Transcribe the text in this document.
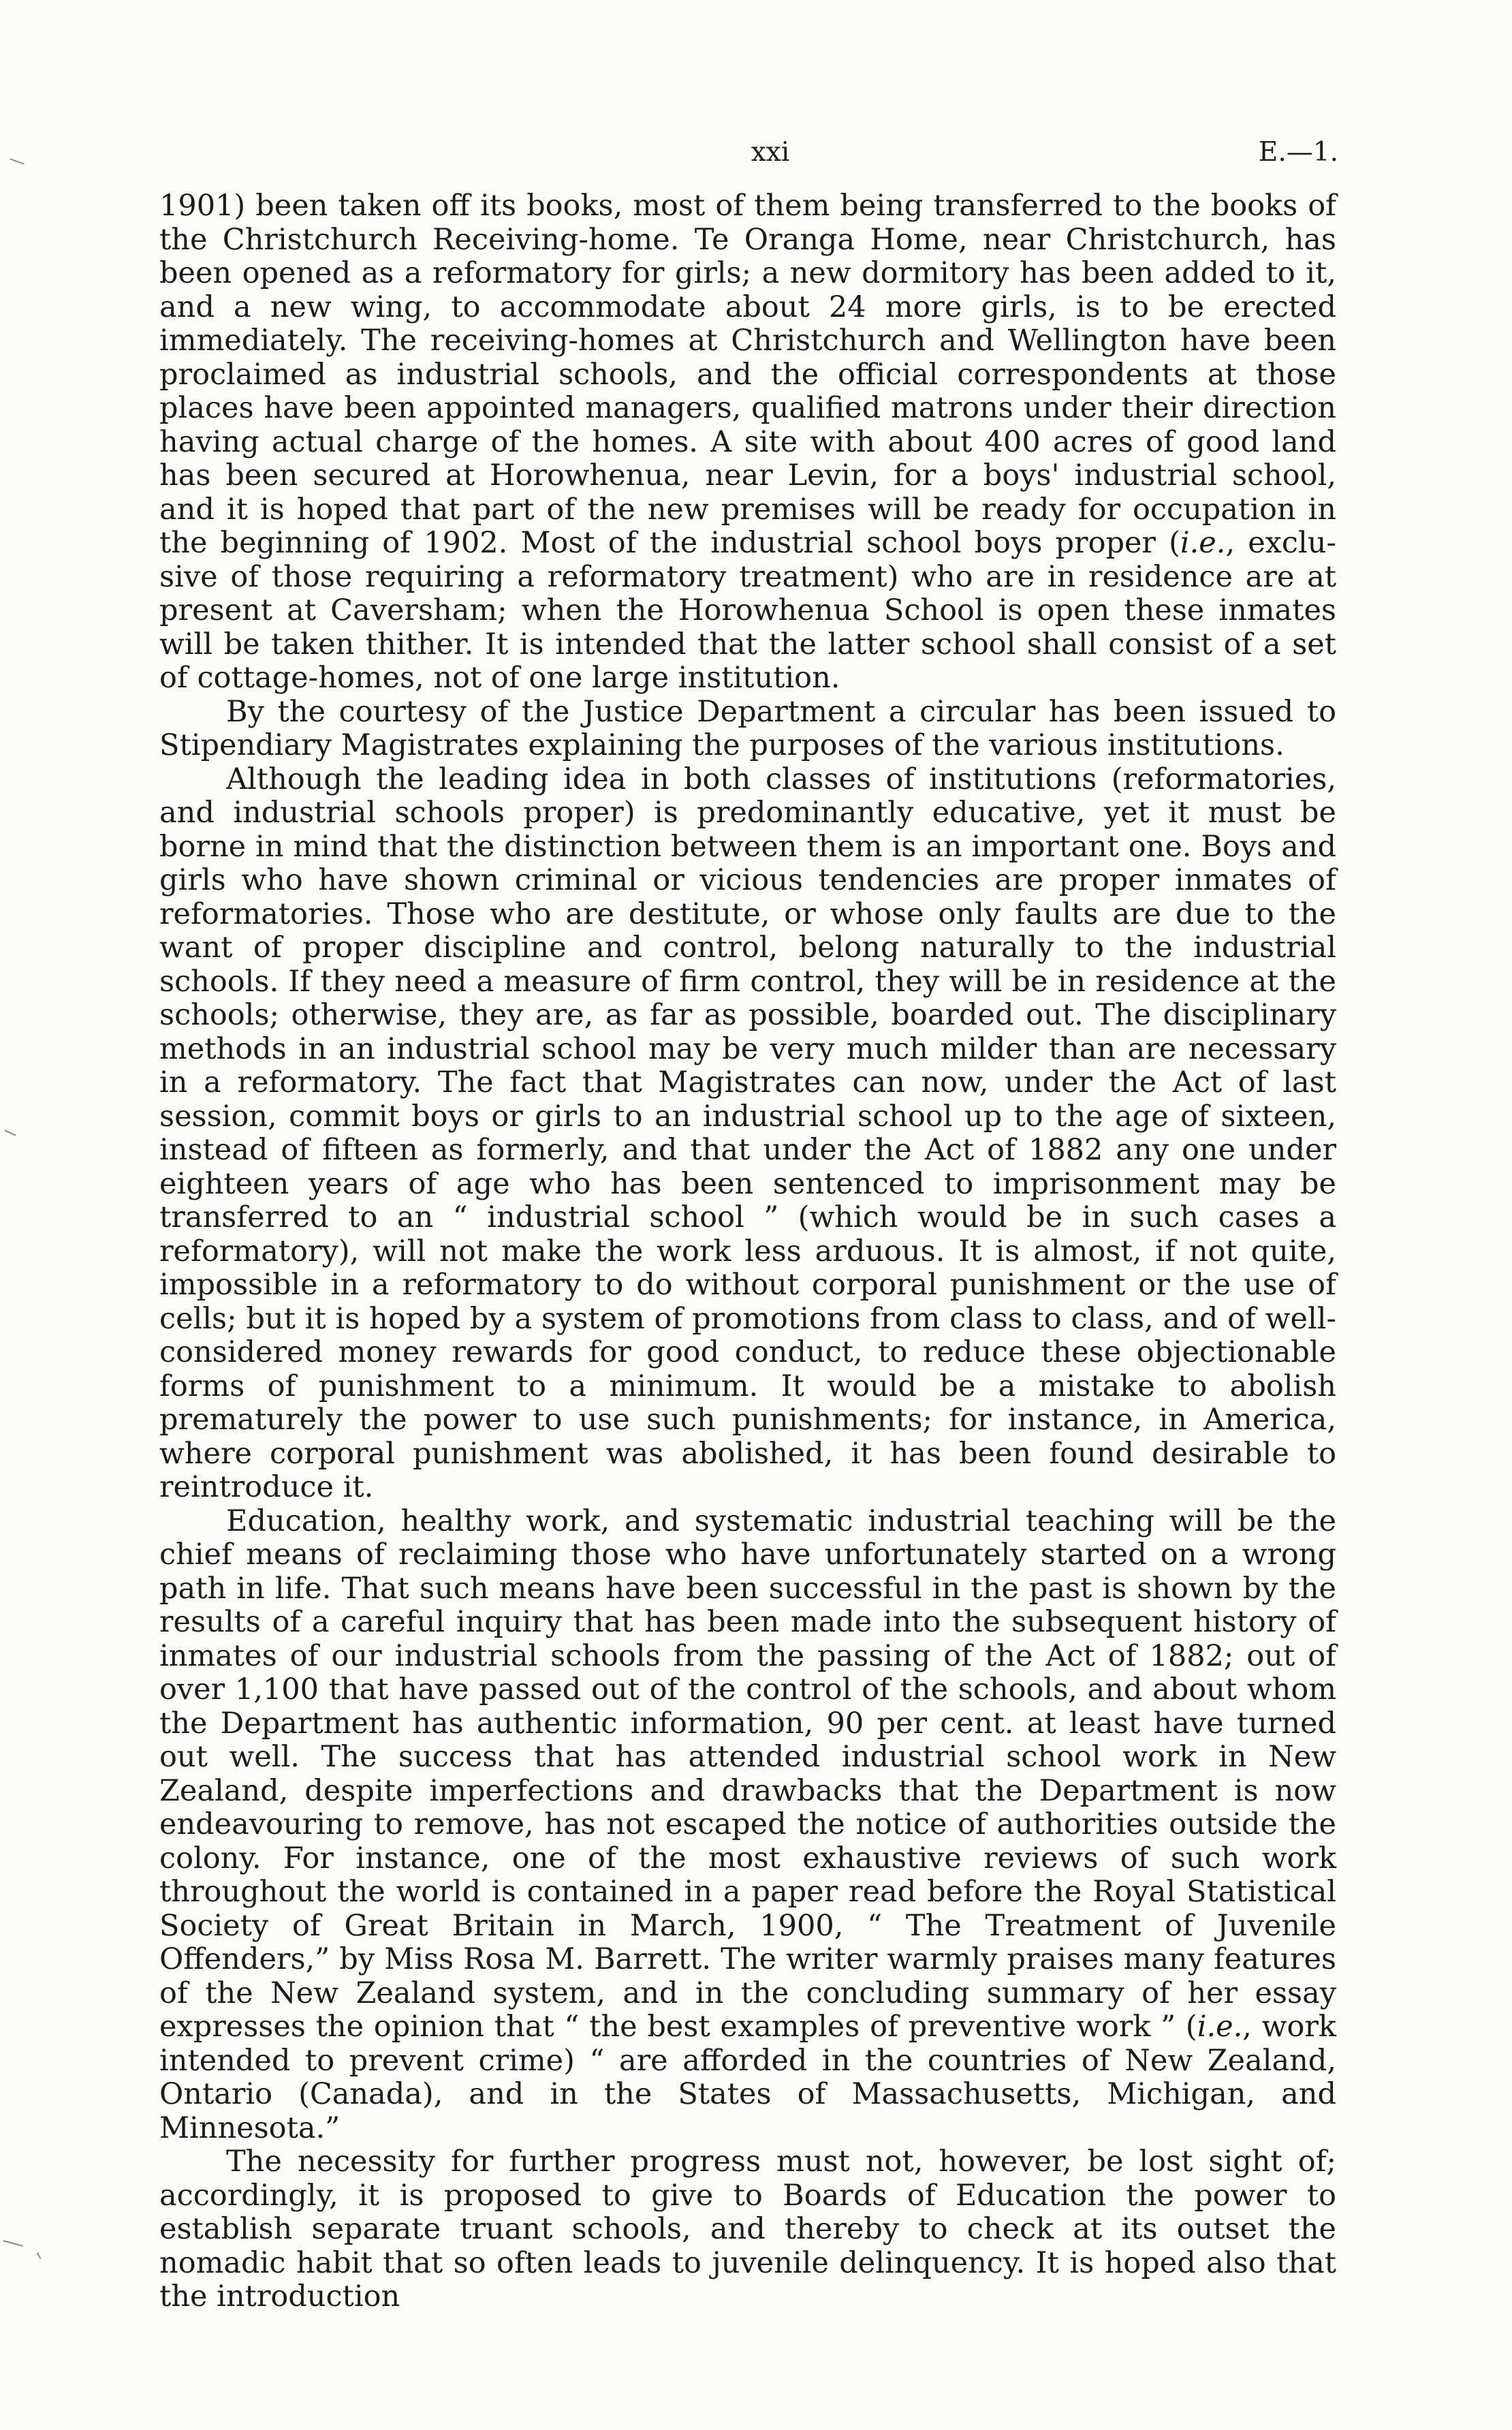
xxi	E.—1.

1901) been taken off its books, most of them being transferred to the books of the Christchurch Receiving-home. Te Oranga Home, near Christchurch, has been opened as a reformatory for girls; a new dormitory has been added to it, and a new wing, to accommodate about 24 more girls, is to be erected immediately. The receiving-homes at Christchurch and Wellington have been proclaimed as industrial schools, and the official correspondents at those places have been appointed managers, qualified matrons under their direction having actual charge of the homes. A site with about 400 acres of good land has been secured at Horowhenua, near Levin, for a boys' industrial school, and it is hoped that part of the new premises will be ready for occupation in the beginning of 1902. Most of the industrial school boys proper (i.e., exclusive of those requiring a reformatory treatment) who are in residence are at present at Caversham; when the Horowhenua School is open these inmates will be taken thither. It is intended that the latter school shall consist of a set of cottage-homes, not of one large institution.

By the courtesy of the Justice Department a circular has been issued to Stipendiary Magistrates explaining the purposes of the various institutions.

Although the leading idea in both classes of institutions (reformatories, and industrial schools proper) is predominantly educative, yet it must be borne in mind that the distinction between them is an important one. Boys and girls who have shown criminal or vicious tendencies are proper inmates of reformatories. Those who are destitute, or whose only faults are due to the want of proper discipline and control, belong naturally to the industrial schools. If they need a measure of firm control, they will be in residence at the schools; otherwise, they are, as far as possible, boarded out. The disciplinary methods in an industrial school may be very much milder than are necessary in a reformatory. The fact that Magistrates can now, under the Act of last session, commit boys or girls to an industrial school up to the age of sixteen, instead of fifteen as formerly, and that under the Act of 1882 any one under eighteen years of age who has been sentenced to imprisonment may be transferred to an “ industrial school ” (which would be in such cases a reformatory), will not make the work less arduous. It is almost, if not quite, impossible in a reformatory to do without corporal punishment or the use of cells; but it is hoped by a system of promotions from class to class, and of well-considered money rewards for good conduct, to reduce these objectionable forms of punishment to a minimum. It would be a mistake to abolish prematurely the power to use such punishments; for instance, in America, where corporal punishment was abolished, it has been found desirable to reintroduce it.

Education, healthy work, and systematic industrial teaching will be the chief means of reclaiming those who have unfortunately started on a wrong path in life. That such means have been successful in the past is shown by the results of a careful inquiry that has been made into the subsequent history of inmates of our industrial schools from the passing of the Act of 1882; out of over 1,100 that have passed out of the control of the schools, and about whom the Department has authentic information, 90 per cent. at least have turned out well. The success that has attended industrial school work in New Zealand, despite imperfections and drawbacks that the Department is now endeavouring to remove, has not escaped the notice of authorities outside the colony. For instance, one of the most exhaustive reviews of such work throughout the world is contained in a paper read before the Royal Statistical Society of Great Britain in March, 1900, “ The Treatment of Juvenile Offenders,” by Miss Rosa M. Barrett. The writer warmly praises many features of the New Zealand system, and in the concluding summary of her essay expresses the opinion that “ the best examples of preventive work ” (i.e., work intended to prevent crime) “ are afforded in the countries of New Zealand, Ontario (Canada), and in the States of Massachusetts, Michigan, and Minnesota.”

The necessity for further progress must not, however, be lost sight of; accordingly, it is proposed to give to Boards of Education the power to establish separate truant schools, and thereby to check at its outset the nomadic habit that so often leads to juvenile delinquency. It is hoped also that the introduction
